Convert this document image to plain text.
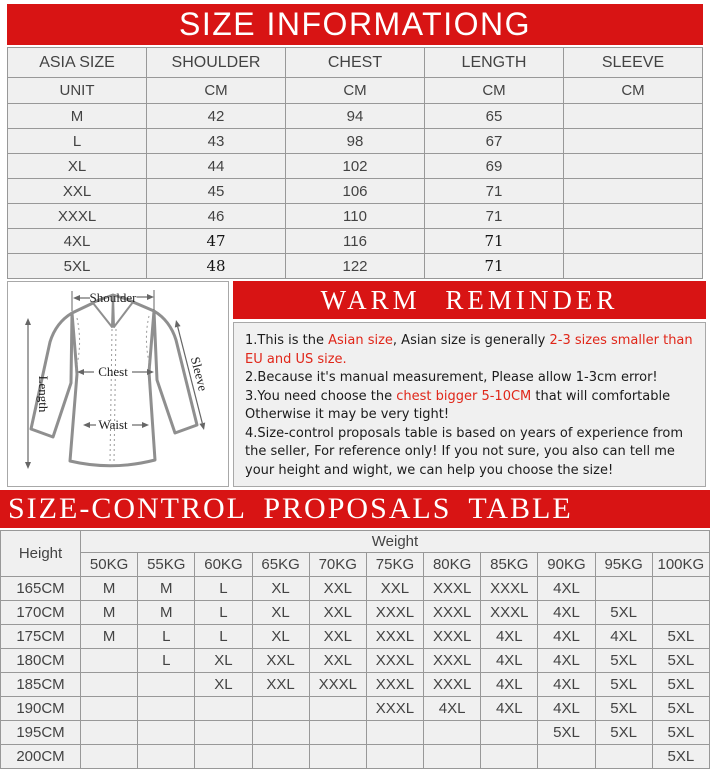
SIZE INFORMATIONG
ASIA SIZE	SHOULDER	CHEST	LENGTH	SLEEVE
UNIT	CM	CM	CM	CM
M	42	94	65	
L	43	98	67	
XL	44	102	69	
XXL	45	106	71	
XXXL	46	110	71	
4XL	47	116	71	
5XL	48	122	71	
Shoulder
Length
Chest
Waist
Sleeve
WARM REMINDER
1.This is the Asian size, Asian size is generally 2-3 sizes smaller than EU and US size.
2.Because it's manual measurement, Please allow 1-3cm error!
3.You need choose the chest bigger 5-10CM that will comfortable Otherwise it may be very tight!
4.Size-control proposals table is based on years of experience from the seller, For reference only! If you not sure, you also can tell me your height and wight, we can help you choose the size!
SIZE-CONTROL PROPOSALS TABLE
Height	Weight										
	50KG	55KG	60KG	65KG	70KG	75KG	80KG	85KG	90KG	95KG	100KG
165CM	M	M	L	XL	XXL	XXL	XXXL	XXXL	4XL		
170CM	M	M	L	XL	XXL	XXXL	XXXL	XXXL	4XL	5XL	
175CM	M	L	L	XL	XXL	XXXL	XXXL	4XL	4XL	4XL	5XL
180CM		L	XL	XXL	XXL	XXXL	XXXL	4XL	4XL	5XL	5XL
185CM			XL	XXL	XXXL	XXXL	XXXL	4XL	4XL	5XL	5XL
190CM						XXXL	4XL	4XL	4XL	5XL	5XL
195CM									5XL	5XL	5XL
200CM											5XL
